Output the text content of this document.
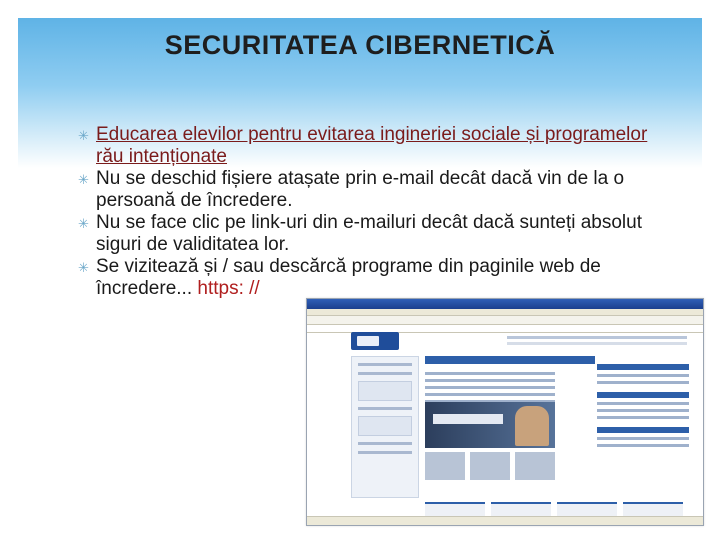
SECURITATEA CIBERNETICĂ
✳ Educarea elevilor pentru evitarea ingineriei sociale și programelor rău intenționate
✳ Nu se deschid fișiere atașate prin e-mail decât dacă vin de la o persoană de încredere.
✳ Nu se face clic pe link-uri din e-mailuri decât dacă sunteți absolut siguri de validitatea lor.
✳ Se vizitează și / sau descărcă programe din paginile web de încredere... https: //
